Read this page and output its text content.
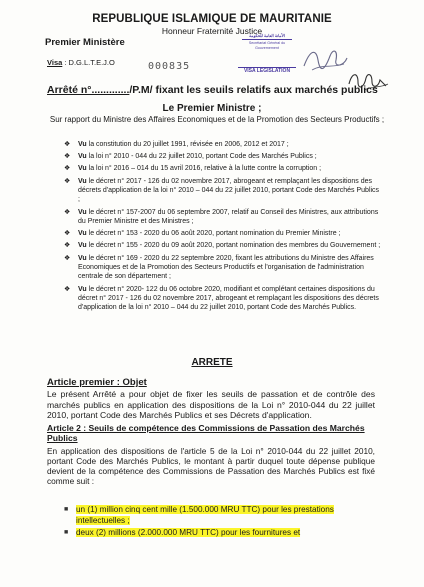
REPUBLIQUE ISLAMIQUE DE MAURITANIE
Honneur Fraternité Justice
Premier Ministère
Visa : D.G.L.T.E.J.O	000835
الأمانة العامة للحكومة
Secrétariat Général du Gouvernement
VISA LEGISLATION
Arrêté n°............./P.M/ fixant les seuils relatifs aux marchés publics
Le Premier Ministre ;
Sur rapport du Ministre des Affaires Economiques et de la Promotion des Secteurs Productifs ;
❖ Vu la constitution du 20 juillet 1991, révisée en 2006, 2012 et 2017 ;
❖ Vu la loi n° 2010 - 044 du 22 juillet 2010, portant Code des Marchés Publics ;
❖ Vu la loi n° 2016 – 014 du 15 avril 2016, relative à la lutte contre la corruption ;
❖ Vu le décret n° 2017 - 126 du 02 novembre 2017, abrogeant et remplaçant les dispositions des décrets d'application de la loi n° 2010 – 044 du 22 juillet 2010, portant Code des Marchés Publics ;
❖ Vu le décret n° 157-2007 du 06 septembre 2007, relatif au Conseil des Ministres, aux attributions du Premier Ministre et des Ministres ;
❖ Vu le décret n° 153 - 2020 du 06 août 2020, portant nomination du Premier Ministre ;
❖ Vu le décret n° 155 - 2020 du 09 août 2020, portant nomination des membres du Gouvernement ;
❖ Vu le décret n° 169 - 2020 du 22 septembre 2020, fixant les attributions du Ministre des Affaires Economiques et de la Promotion des Secteurs Productifs et l'organisation de l'administration centrale de son département ;
❖ Vu le décret n° 2020- 122 du 06 octobre 2020, modifiant et complétant certaines dispositions du décret n° 2017 - 126 du 02 novembre 2017, abrogeant et remplaçant les dispositions des décrets d'application de la loi n° 2010 – 044 du 22 juillet 2010, portant Code des Marchés Publics.
ARRETE
Article premier : Objet
Le présent Arrêté a pour objet de fixer les seuils de passation et de contrôle des marchés publics en application des dispositions de la Loi n° 2010-044 du 22 juillet 2010, portant Code des Marchés Publics et ses Décrets d'application.
Article 2 : Seuils de compétence des Commissions de Passation des Marchés Publics
En application des dispositions de l'article 5 de la Loi n° 2010-044 du 22 juillet 2010, portant Code des Marchés Publics, le montant à partir duquel toute dépense publique devient de la compétence des Commissions de Passation des Marchés Publics est fixé comme suit :
■ un (1) million cinq cent mille (1.500.000 MRU TTC) pour les prestations intellectuelles ;
■ deux (2) millions (2.000.000 MRU TTC) pour les fournitures et
